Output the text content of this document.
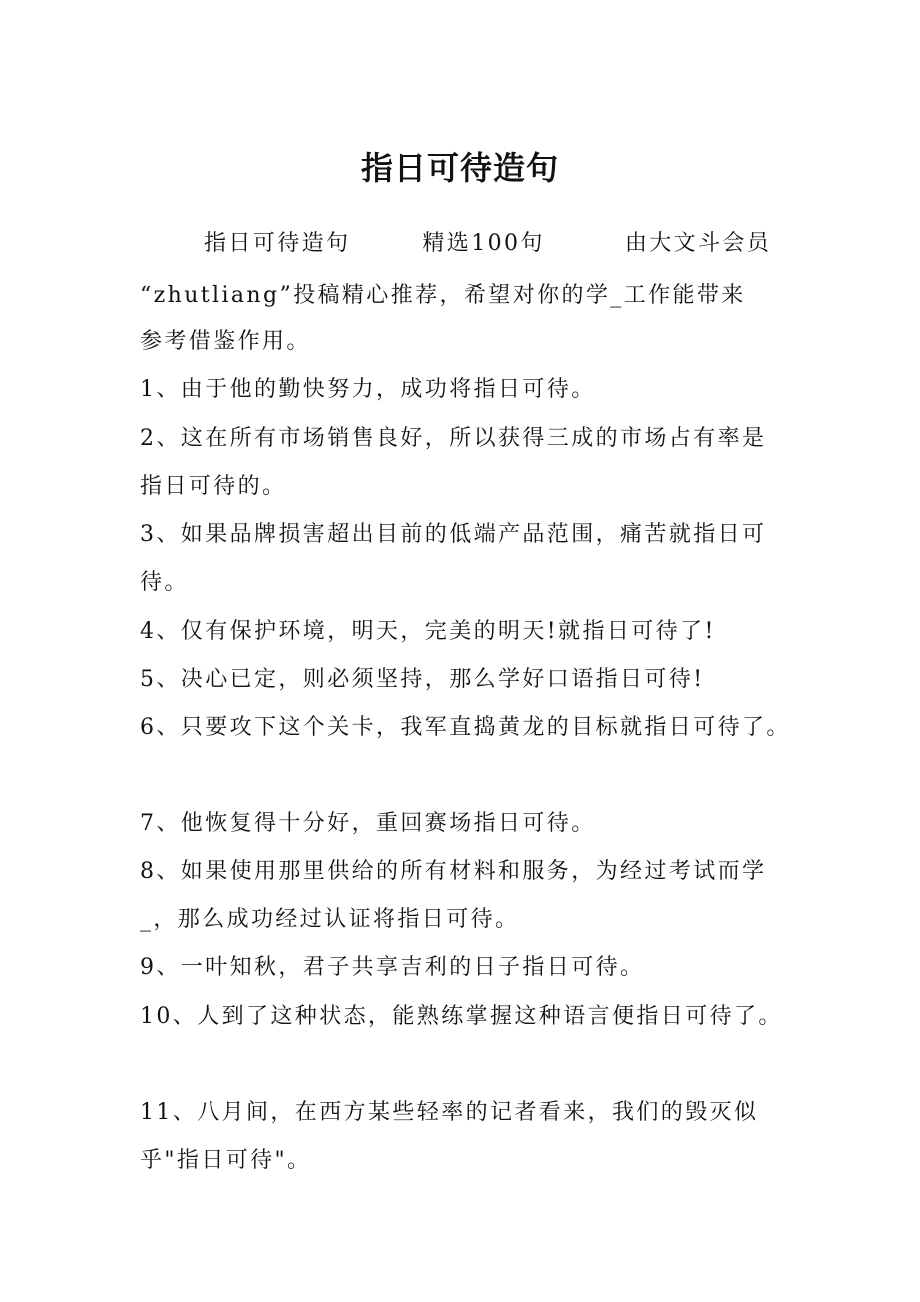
指日可待造句
指日可待造句	精选100句	由大文斗会员
“zhutliang”投稿精心推荐，希望对你的学_工作能带来
参考借鉴作用。
1、由于他的勤快努力，成功将指日可待。
2、这在所有市场销售良好，所以获得三成的市场占有率是
指日可待的。
3、如果品牌损害超出目前的低端产品范围，痛苦就指日可
待。
4、仅有保护环境，明天，完美的明天!就指日可待了!
5、决心已定，则必须坚持，那么学好口语指日可待!
6、只要攻下这个关卡，我军直捣黄龙的目标就指日可待了。
7、他恢复得十分好，重回赛场指日可待。
8、如果使用那里供给的所有材料和服务，为经过考试而学
_，那么成功经过认证将指日可待。
9、一叶知秋，君子共享吉利的日子指日可待。
10、人到了这种状态，能熟练掌握这种语言便指日可待了。
11、八月间，在西方某些轻率的记者看来，我们的毁灭似
乎"指日可待"。
